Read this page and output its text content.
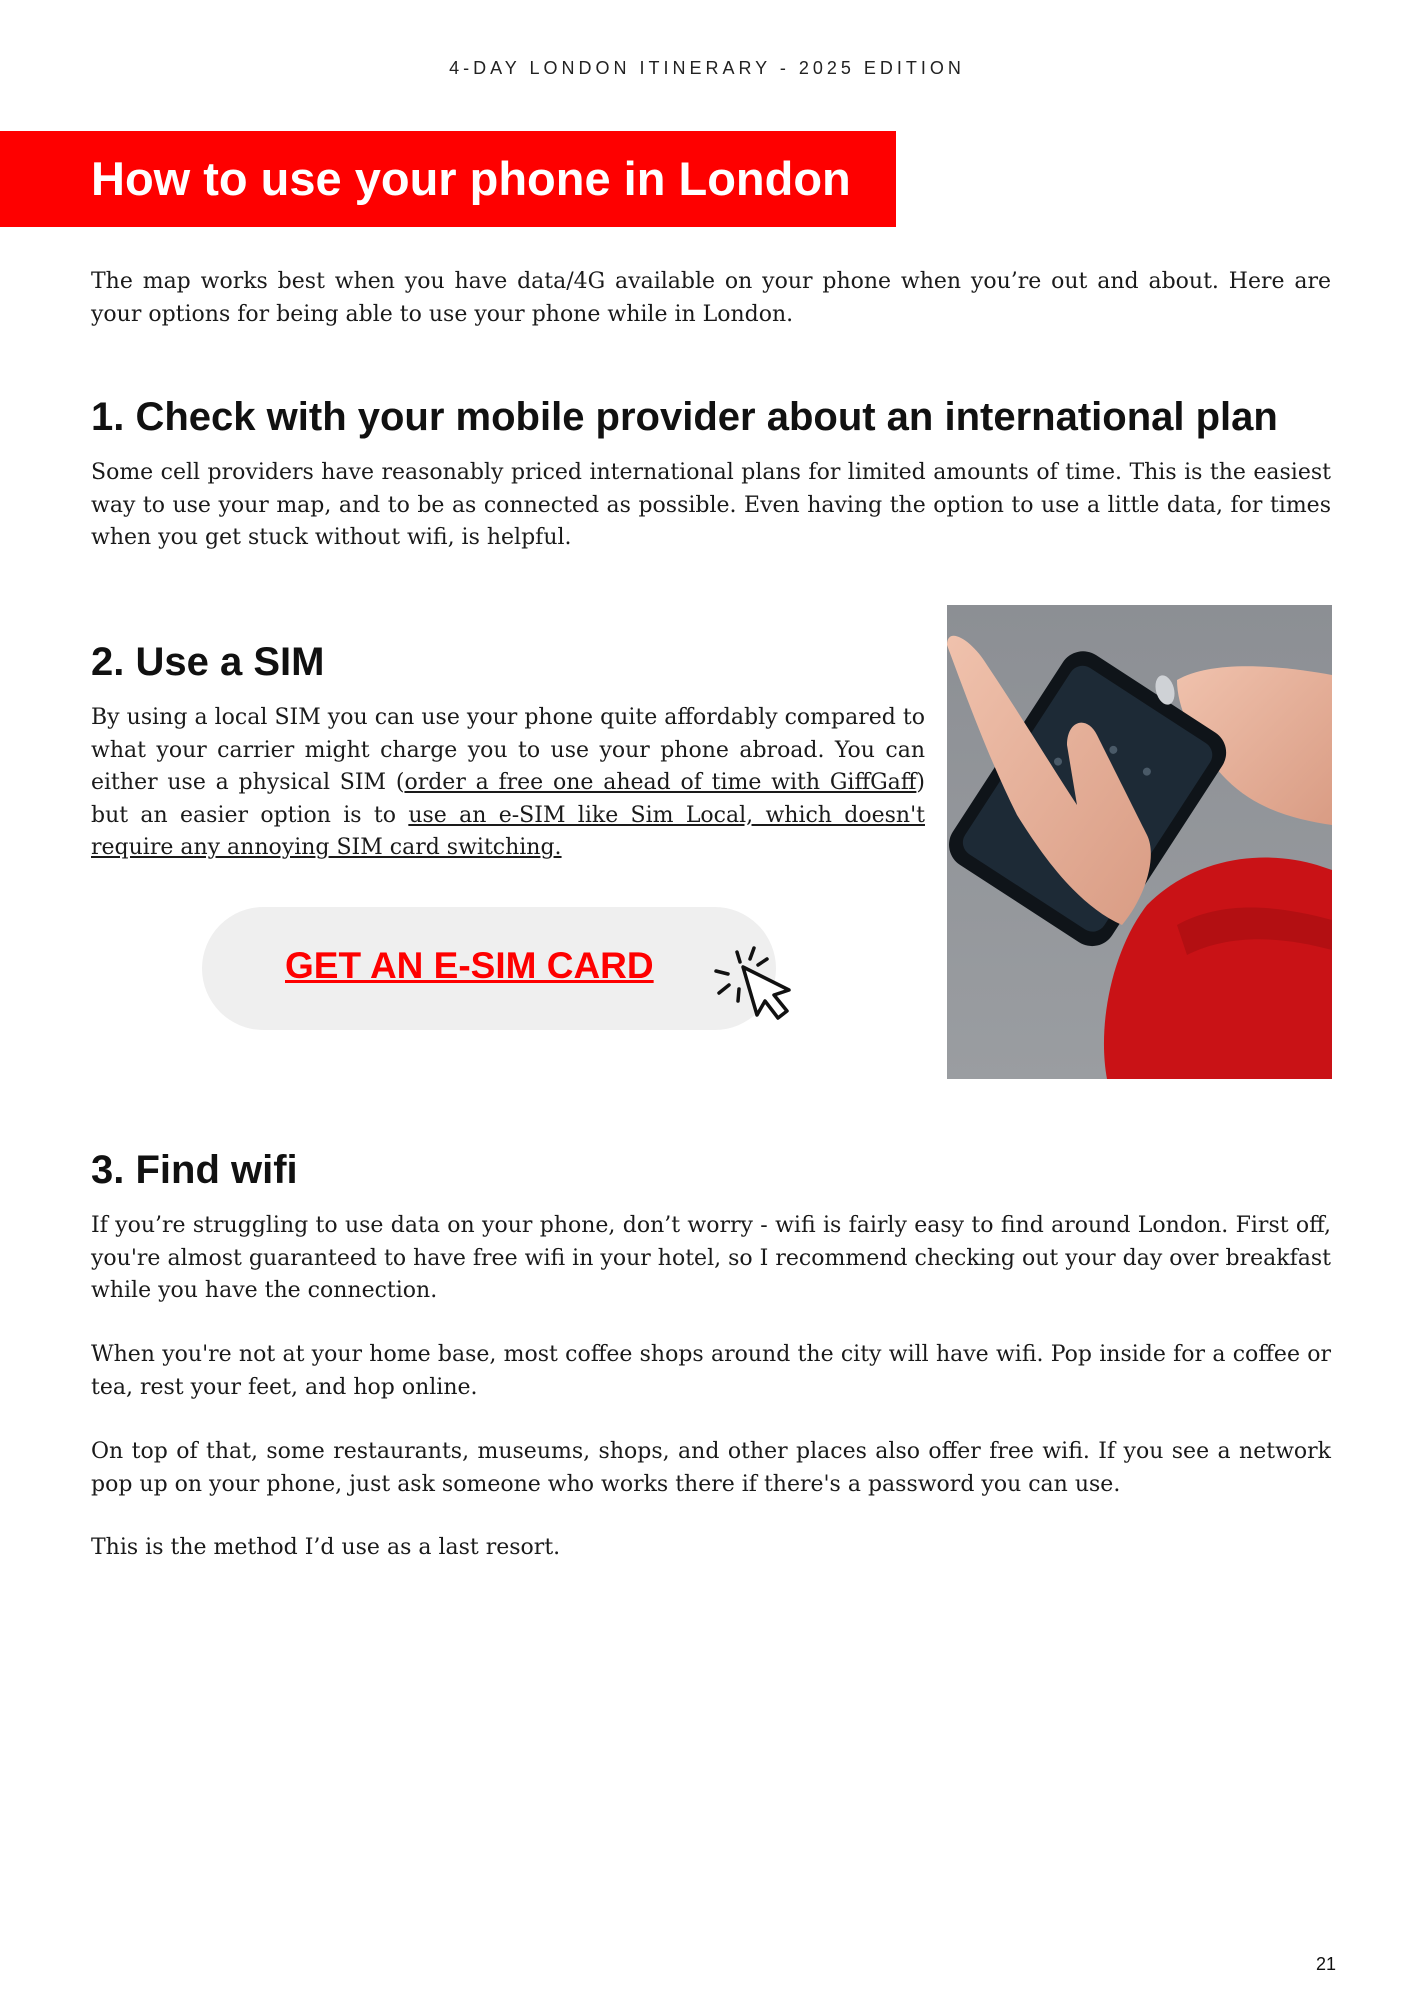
4-DAY LONDON ITINERARY - 2025 EDITION
How to use your phone in London

The map works best when you have data/4G available on your phone when you’re out and about. Here are your options for being able to use your phone while in London.

1. Check with your mobile provider about an international plan

Some cell providers have reasonably priced international plans for limited amounts of time. This is the easiest way to use your map, and to be as connected as possible. Even having the option to use a little data, for times when you get stuck without wifi, is helpful.

2. Use a SIM

By using a local SIM you can use your phone quite affordably compared to what your carrier might charge you to use your phone abroad. You can either use a physical SIM (order a free one ahead of time with GiffGaff) but an easier option is to use an e-SIM like Sim Local, which doesn't require any annoying SIM card switching.

GET AN E-SIM CARD
3. Find wifi

If you’re struggling to use data on your phone, don’t worry - wifi is fairly easy to find around London. First off, you're almost guaranteed to have free wifi in your hotel, so I recommend checking out your day over breakfast while you have the connection.

When you're not at your home base, most coffee shops around the city will have wifi. Pop inside for a coffee or tea, rest your feet, and hop online.

On top of that, some restaurants, museums, shops, and other places also offer free wifi. If you see a network pop up on your phone, just ask someone who works there if there's a password you can use.

This is the method I’d use as a last resort.

21
